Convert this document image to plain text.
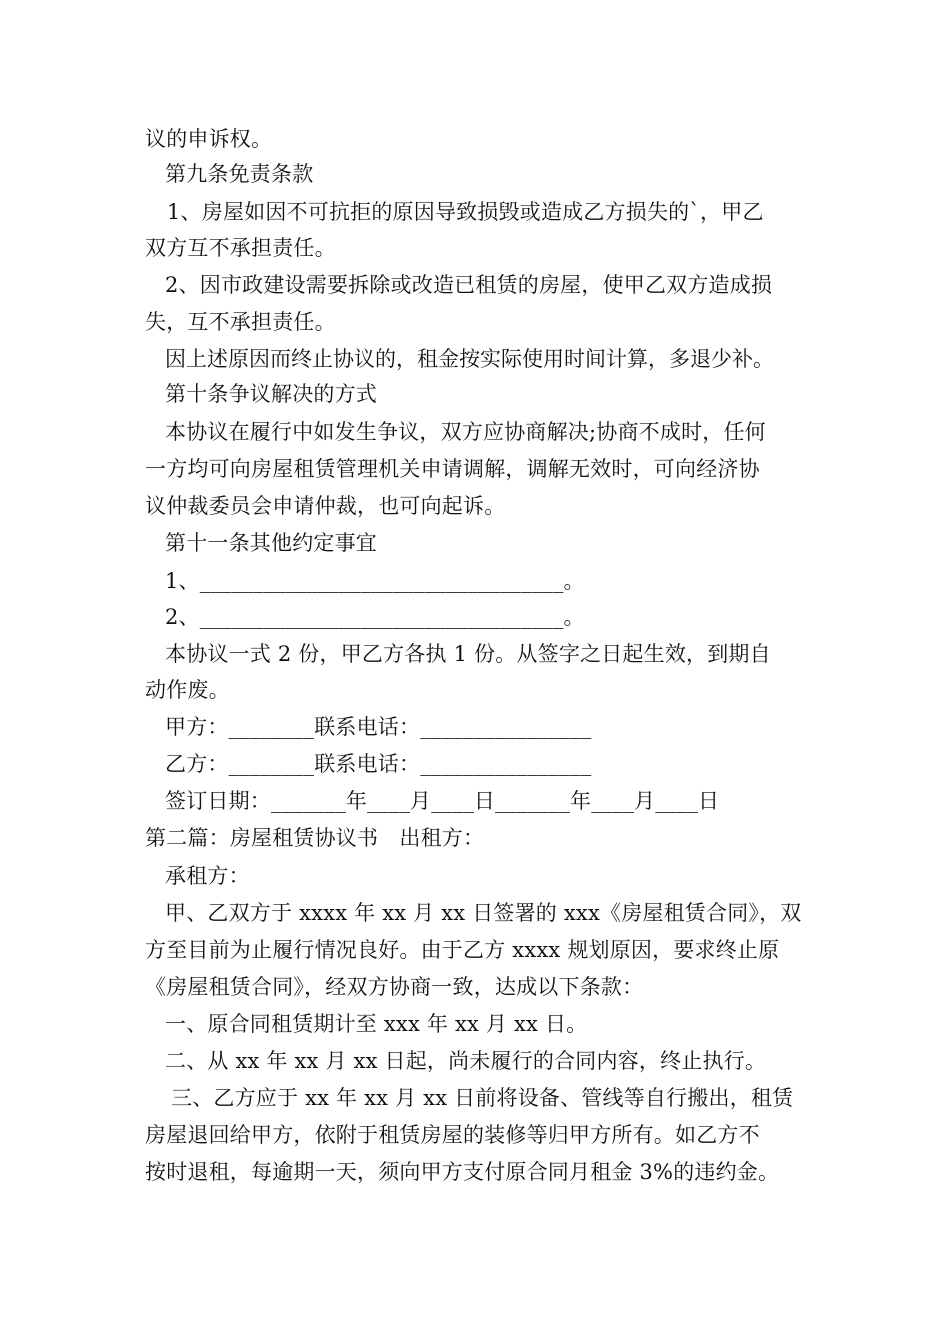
议的申诉权。
第九条免责条款
1、房屋如因不可抗拒的原因导致损毁或造成乙方损失的`，甲乙
双方互不承担责任。
2、因市政建设需要拆除或改造已租赁的房屋，使甲乙双方造成损
失，互不承担责任。
因上述原因而终止协议的，租金按实际使用时间计算，多退少补。
第十条争议解决的方式
本协议在履行中如发生争议，双方应协商解决;协商不成时，任何
一方均可向房屋租赁管理机关申请调解，调解无效时，可向经济协
议仲裁委员会申请仲裁，也可向起诉。
第十一条其他约定事宜
1、__________________________________。
2、__________________________________。
本协议一式 2 份，甲乙方各执 1 份。从签字之日起生效，到期自
动作废。
甲方：________联系电话：________________
乙方：________联系电话：________________
签订日期：_______年____月____日_______年____月____日
第二篇：房屋租赁协议书　出租方：
承租方：
甲、乙双方于 xxxx 年 xx 月 xx 日签署的 xxx《房屋租赁合同》，双
方至目前为止履行情况良好。由于乙方 xxxx 规划原因，要求终止原
《房屋租赁合同》，经双方协商一致，达成以下条款：
一、原合同租赁期计至 xxx 年 xx 月 xx 日。
二、从 xx 年 xx 月 xx 日起，尚未履行的合同内容，终止执行。
三、乙方应于 xx 年 xx 月 xx 日前将设备、管线等自行搬出，租赁
房屋退回给甲方，依附于租赁房屋的装修等归甲方所有。如乙方不
按时退租，每逾期一天，须向甲方支付原合同月租金 3%的违约金。
